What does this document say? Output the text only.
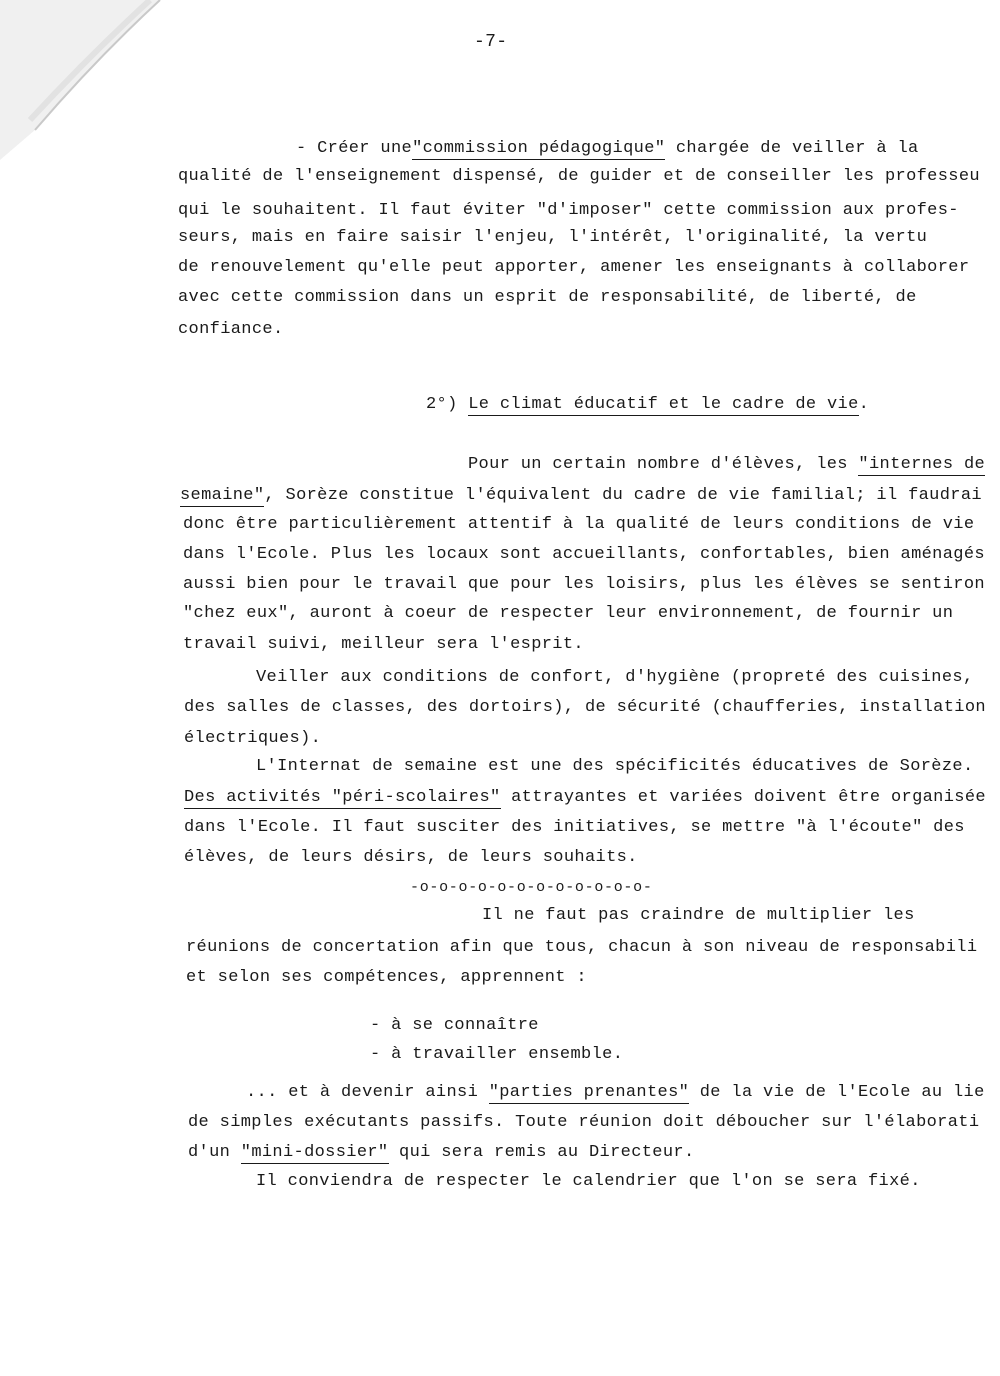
-7-
- Créer une"commission pédagogique" chargée de veiller à la
qualité de l'enseignement dispensé, de guider et de conseiller les professeu
qui le souhaitent. Il faut éviter "d'imposer" cette commission aux profes-
seurs, mais en faire saisir l'enjeu, l'intérêt, l'originalité, la vertu
de renouvelement qu'elle peut apporter, amener les enseignants à collaborer
avec cette commission dans un esprit de responsabilité, de liberté, de
confiance.
2°) Le climat éducatif et le cadre de vie.
Pour un certain nombre d'élèves, les "internes de
semaine", Sorèze constitue l'équivalent du cadre de vie familial; il faudrai
donc être particulièrement attentif à la qualité de leurs conditions de vie
dans l'Ecole. Plus les locaux sont accueillants, confortables, bien aménagés
aussi bien pour le travail que pour les loisirs, plus les élèves se sentiron
"chez eux", auront à coeur de respecter leur environnement, de fournir un
travail suivi, meilleur sera l'esprit.
Veiller aux conditions de confort, d'hygiène (propreté des cuisines,
des salles de classes, des dortoirs), de sécurité (chaufferies, installation
électriques).
L'Internat de semaine est une des spécificités éducatives de Sorèze.
Des activités "péri-scolaires" attrayantes et variées doivent être organisée
dans l'Ecole. Il faut susciter des initiatives, se mettre "à l'écoute" des
élèves, de leurs désirs, de leurs souhaits.
-o-o-o-o-o-o-o-o-o-o-o-o-
Il ne faut pas craindre de multiplier les
réunions de concertation afin que tous, chacun à son niveau de responsabili
et selon ses compétences, apprennent :
- à se connaître
- à travailler ensemble.
... et à devenir ainsi "parties prenantes" de la vie de l'Ecole au lie
de simples exécutants passifs. Toute réunion doit déboucher sur l'élaborati
d'un "mini-dossier" qui sera remis au Directeur.
Il conviendra de respecter le calendrier que l'on se sera fixé.
